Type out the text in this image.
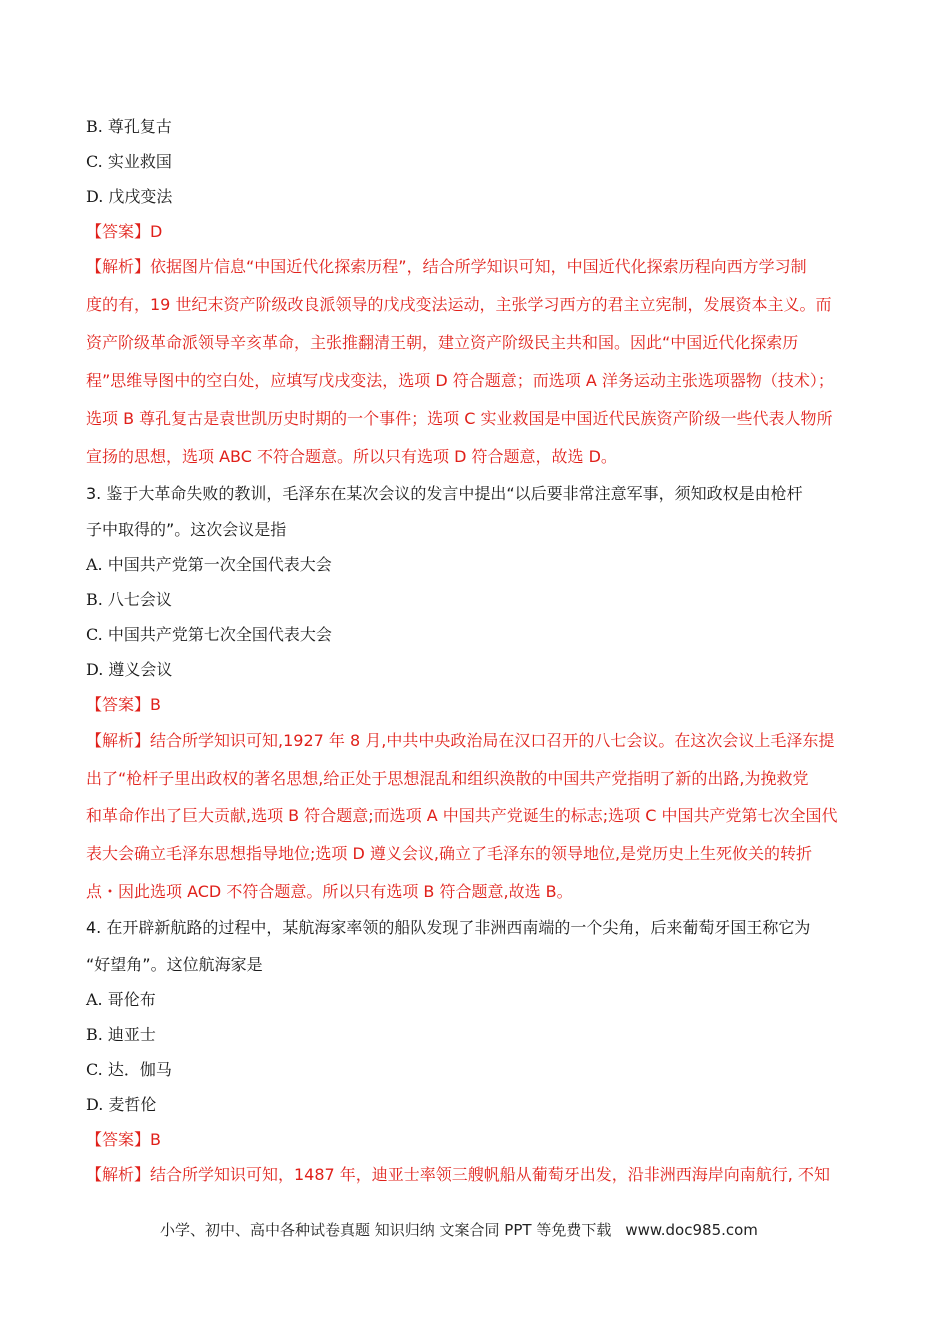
B. 尊孔复古
C. 实业救国
D. 戊戌变法
【答案】D
【解析】依据图片信息“中国近代化探索历程”，结合所学知识可知，中国近代化探索历程向西方学习制
度的有，19 世纪末资产阶级改良派领导的戊戌变法运动，主张学习西方的君主立宪制，发展资本主义。而
资产阶级革命派领导辛亥革命，主张推翻清王朝，建立资产阶级民主共和国。因此“中国近代化探索历
程”思维导图中的空白处，应填写戊戌变法，选项 D 符合题意；而选项 A 洋务运动主张选项器物（技术）；
选项 B 尊孔复古是袁世凯历史时期的一个事件；选项 C 实业救国是中国近代民族资产阶级一些代表人物所
宣扬的思想，选项 ABC 不符合题意。所以只有选项 D 符合题意，故选 D。
3. 鉴于大革命失败的教训，毛泽东在某次会议的发言中提出“以后要非常注意军事，须知政权是由枪杆
子中取得的”。这次会议是指
A. 中国共产党第一次全国代表大会
B. 八七会议
C. 中国共产党第七次全国代表大会
D. 遵义会议
【答案】B
【解析】结合所学知识可知,1927 年 8 月,中共中央政治局在汉口召开的八七会议。在这次会议上毛泽东提
出了“枪杆子里出政权的著名思想,给正处于思想混乱和组织涣散的中国共产党指明了新的出路,为挽救党
和革命作出了巨大贡献,选项 B 符合题意;而选项 A 中国共产党诞生的标志;选项 C 中国共产党第七次全国代
表大会确立毛泽东思想指导地位;选项 D 遵义会议,确立了毛泽东的领导地位,是党历史上生死攸关的转折
点・因此选项 ACD 不符合题意。所以只有选项 B 符合题意,故选 B。
4. 在开辟新航路的过程中，某航海家率领的船队发现了非洲西南端的一个尖角，后来葡萄牙国王称它为
“好望角”。这位航海家是
A. 哥伦布
B. 迪亚士
C. 达．伽马
D. 麦哲伦
【答案】B
【解析】结合所学知识可知，1487 年，迪亚士率领三艘帆船从葡萄牙出发，沿非洲西海岸向南航行, 不知
小学、初中、高中各种试卷真题 知识归纳 文案合同 PPT 等免费下载 www.doc985.com
